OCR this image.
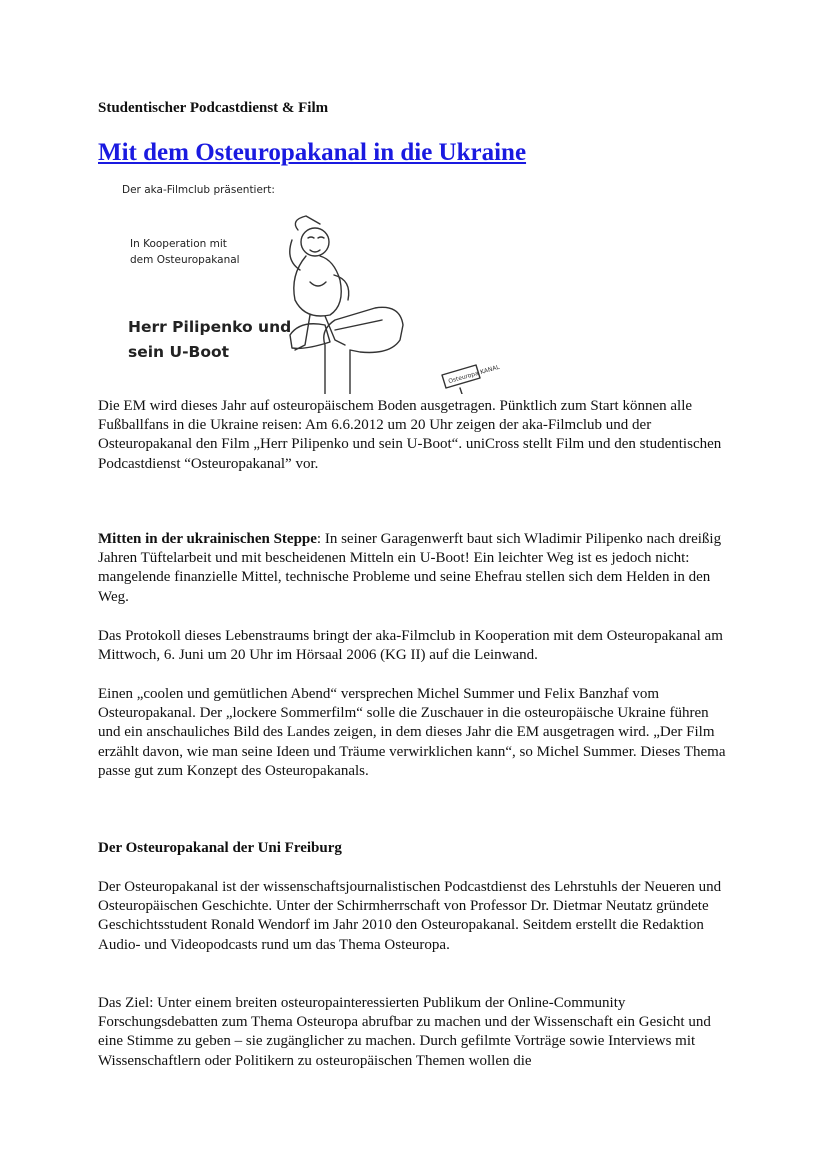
Studentischer Podcastdienst & Film

Mit dem Osteuropakanal in die Ukraine
Der aka-Filmclub präsentiert:
In Kooperation mit
dem Osteuropakanal
Herr Pilipenko und
sein U-Boot
Osteuropa KANAL

Die EM wird dieses Jahr auf osteuropäischem Boden ausgetragen. Pünktlich zum Start können alle Fußballfans in die Ukraine reisen: Am 6.6.2012 um 20 Uhr zeigen der aka-Filmclub und der Osteuropakanal den Film „Herr Pilipenko und sein U-Boot“. uniCross stellt Film und den studentischen Podcastdienst “Osteuropakanal” vor.

Mitten in der ukrainischen Steppe: In seiner Garagenwerft baut sich Wladimir Pilipenko nach dreißig Jahren Tüftelarbeit und mit bescheidenen Mitteln ein U-Boot! Ein leichter Weg ist es jedoch nicht: mangelende finanzielle Mittel, technische Probleme und seine Ehefrau stellen sich dem Helden in den Weg.

Das Protokoll dieses Lebenstraums bringt der aka-Filmclub in Kooperation mit dem Osteuropakanal am Mittwoch, 6. Juni um 20 Uhr im Hörsaal 2006 (KG II) auf die Leinwand.

Einen „coolen und gemütlichen Abend“ versprechen Michel Summer und Felix Banzhaf vom Osteuropakanal. Der „lockere Sommerfilm“ solle die Zuschauer in die osteuropäische Ukraine führen und ein anschauliches Bild des Landes zeigen, in dem dieses Jahr die EM ausgetragen wird. „Der Film erzählt davon, wie man seine Ideen und Träume verwirklichen kann“, so Michel Summer. Dieses Thema passe gut zum Konzept des Osteuropakanals.

Der Osteuropakanal der Uni Freiburg

Der Osteuropakanal ist der wissenschaftsjournalistischen Podcastdienst des Lehrstuhls der Neueren und Osteuropäischen Geschichte. Unter der Schirmherrschaft von Professor Dr. Dietmar Neutatz gründete Geschichtsstudent Ronald Wendorf im Jahr 2010 den Osteuropakanal. Seitdem erstellt die Redaktion Audio- und Videopodcasts rund um das Thema Osteuropa.

Das Ziel: Unter einem breiten osteuropainteressierten Publikum der Online-Community Forschungsdebatten zum Thema Osteuropa abrufbar zu machen und der Wissenschaft ein Gesicht und eine Stimme zu geben – sie zugänglicher zu machen. Durch gefilmte Vorträge sowie Interviews mit Wissenschaftlern oder Politikern zu osteuropäischen Themen wollen die
